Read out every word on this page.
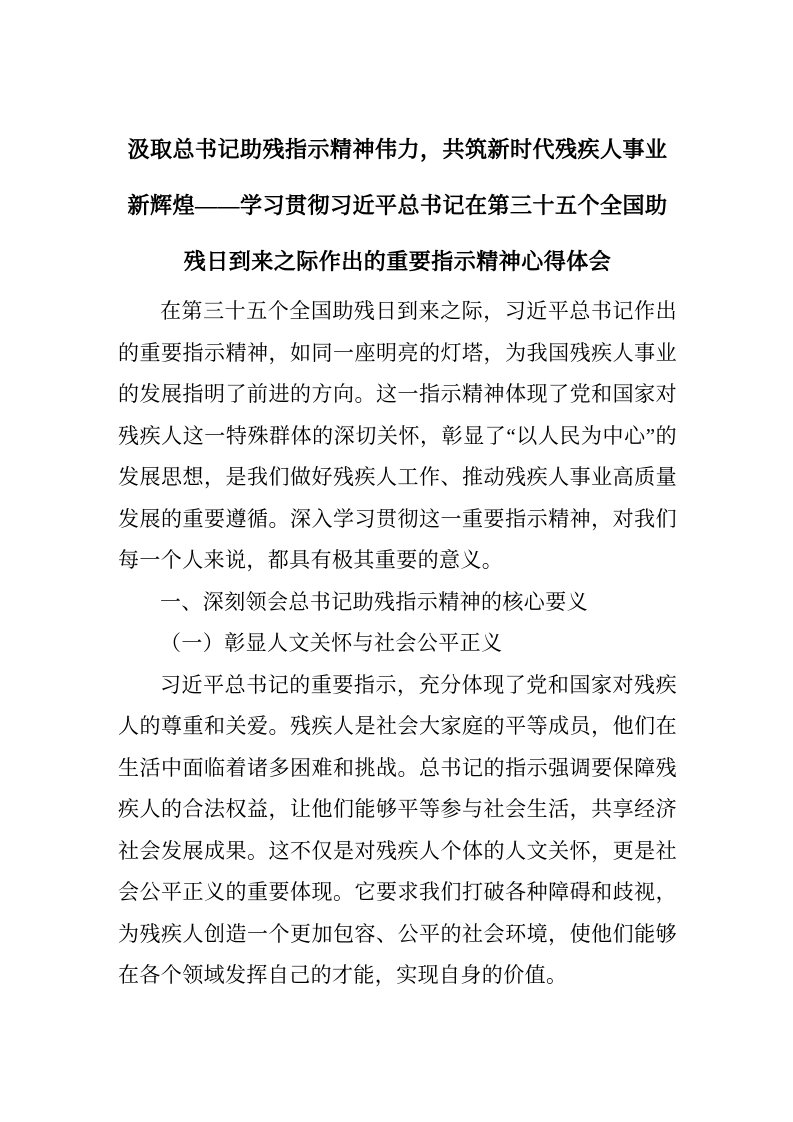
汲取总书记助残指示精神伟力，共筑新时代残疾人事业新辉煌——学习贯彻习近平总书记在第三十五个全国助残日到来之际作出的重要指示精神心得体会

在第三十五个全国助残日到来之际，习近平总书记作出的重要指示精神，如同一座明亮的灯塔，为我国残疾人事业的发展指明了前进的方向。这一指示精神体现了党和国家对残疾人这一特殊群体的深切关怀，彰显了“以人民为中心”的发展思想，是我们做好残疾人工作、推动残疾人事业高质量发展的重要遵循。深入学习贯彻这一重要指示精神，对我们每一个人来说，都具有极其重要的意义。

一、深刻领会总书记助残指示精神的核心要义

（一）彰显人文关怀与社会公平正义

习近平总书记的重要指示，充分体现了党和国家对残疾人的尊重和关爱。残疾人是社会大家庭的平等成员，他们在生活中面临着诸多困难和挑战。总书记的指示强调要保障残疾人的合法权益，让他们能够平等参与社会生活，共享经济社会发展成果。这不仅是对残疾人个体的人文关怀，更是社会公平正义的重要体现。它要求我们打破各种障碍和歧视，为残疾人创造一个更加包容、公平的社会环境，使他们能够在各个领域发挥自己的才能，实现自身的价值。
